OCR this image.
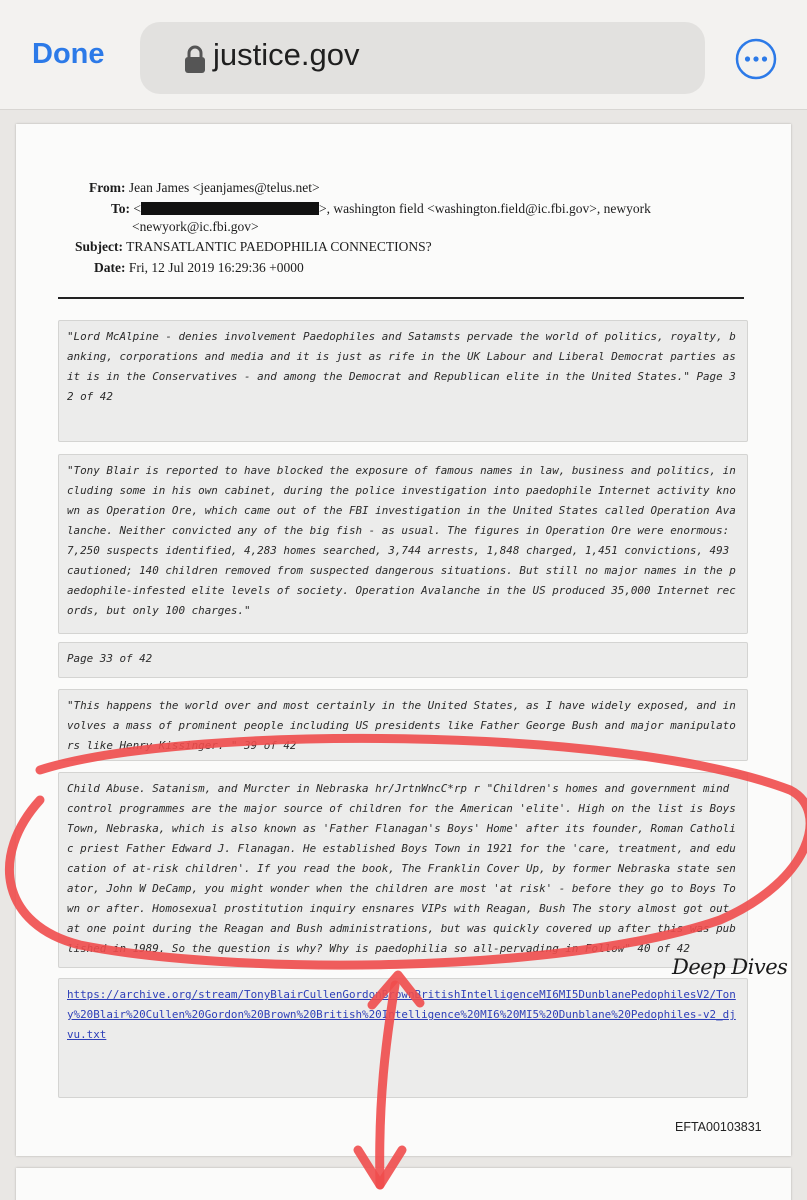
Done	justice.gov
From: Jean James <jeanjames@telus.net>
To: <	>, washington field <washington.field@ic.fbi.gov>, newyork
<newyork@ic.fbi.gov>
Subject: TRANSATLANTIC PAEDOPHILIA CONNECTIONS?
Date: Fri, 12 Jul 2019 16:29:36 +0000
"Lord McAlpine - denies involvement Paedophiles and Satamsts pervade the world of politics, royalty, banking, corporations and media and it is just as rife in the UK Labour and Liberal Democrat parties as it is in the Conservatives - and among the Democrat and Republican elite in the United States." Page 32 of 42
"Tony Blair is reported to have blocked the exposure of famous names in law, business and politics, including some in his own cabinet, during the police investigation into paedophile Internet activity known as Operation Ore, which came out of the FBI investigation in the United States called Operation Avalanche. Neither convicted any of the big fish - as usual. The figures in Operation Ore were enormous: 7,250 suspects identified, 4,283 homes searched, 3,744 arrests, 1,848 charged, 1,451 convictions, 493 cautioned; 140 children removed from suspected dangerous situations. But still no major names in the paedophile-infested elite levels of society. Operation Avalanche in the US produced 35,000 Internet records, but only 100 charges."
Page 33 of 42
"This happens the world over and most certainly in the United States, as I have widely exposed, and involves a mass of prominent people including US presidents like Father George Bush and major manipulators like Henry Kissinger. " 39 of 42
Child Abuse. Satanism, and Murcter in Nebraska hr/JrtnWncC*rp r "Children's homes and government mind control programmes are the major source of children for the American 'elite'. High on the list is Boys Town, Nebraska, which is also known as 'Father Flanagan's Boys' Home' after its founder, Roman Catholic priest Father Edward J. Flanagan. He established Boys Town in 1921 for the 'care, treatment, and education of at-risk children'. If you read the book, The Franklin Cover Up, by former Nebraska state senator, John W DeCamp, you might wonder when the children are most 'at risk' - before they go to Boys Town or after. Homosexual prostitution inquiry ensnares VIPs with Reagan, Bush The story almost got out at one point during the Reagan and Bush administrations, but was quickly covered up after this was published in 1989. So the question is why? Why is paedophilia so all-pervading in Follow" 40 of 42
https://archive.org/stream/TonyBlairCullenGordonBrownBritishIntelligenceMI6MI5DunblanePedophilesV2/Tony%20Blair%20Cullen%20Gordon%20Brown%20British%20Intelligence%20MI6%20MI5%20Dunblane%20Pedophiles-v2_djvu.txt
EFTA00103831
Deep Dives
